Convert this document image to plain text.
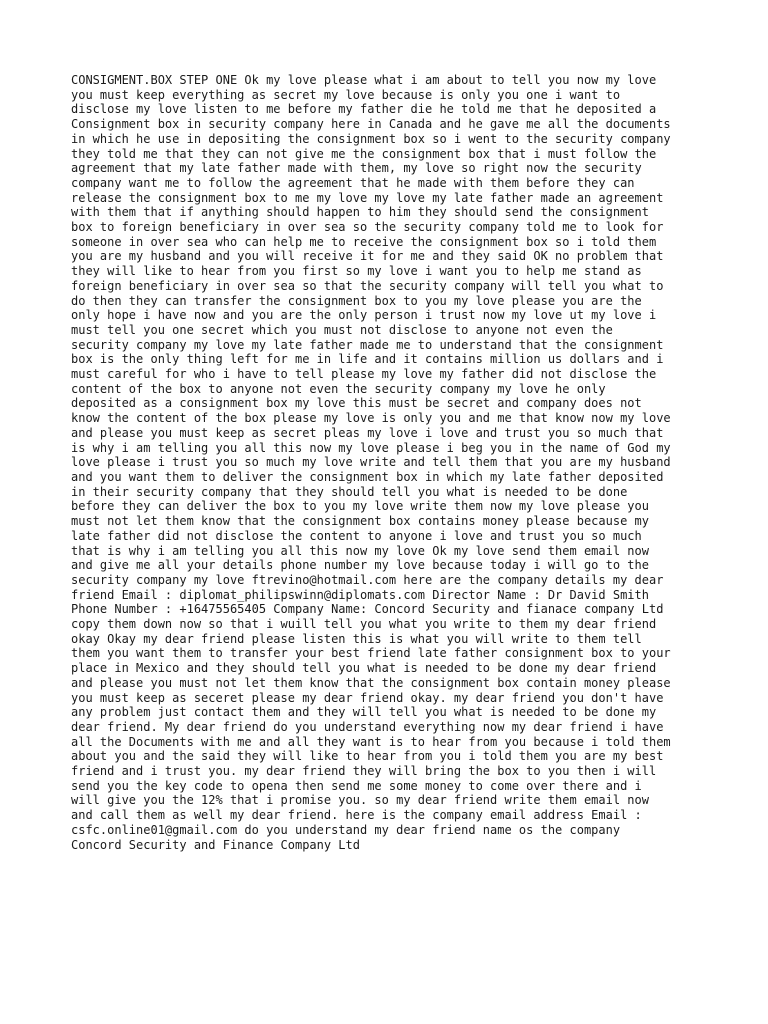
CONSIGMENT.BOX STEP ONE Ok my love please what i am about to tell you now my love
you must keep everything as secret my love because is only you one i want to
disclose my love listen to me before my father die he told me that he deposited a
Consignment box in security company here in Canada and he gave me all the documents
in which he use in depositing the consignment box so i went to the security company
they told me that they can not give me the consignment box that i must follow the
agreement that my late father made with them, my love so right now the security
company want me to follow the agreement that he made with them before they can
release the consignment box to me my love my love my late father made an agreement
with them that if anything should happen to him they should send the consignment
box to foreign beneficiary in over sea so the security company told me to look for
someone in over sea who can help me to receive the consignment box so i told them
you are my husband and you will receive it for me and they said OK no problem that
they will like to hear from you first so my love i want you to help me stand as
foreign beneficiary in over sea so that the security company will tell you what to
do then they can transfer the consignment box to you my love please you are the
only hope i have now and you are the only person i trust now my love ut my love i
must tell you one secret which you must not disclose to anyone not even the
security company my love my late father made me to understand that the consignment
box is the only thing left for me in life and it contains million us dollars and i
must careful for who i have to tell please my love my father did not disclose the
content of the box to anyone not even the security company my love he only
deposited as a consignment box my love this must be secret and company does not
know the content of the box please my love is only you and me that know now my love
and please you must keep as secret pleas my love i love and trust you so much that
is why i am telling you all this now my love please i beg you in the name of God my
love please i trust you so much my love write and tell them that you are my husband
and you want them to deliver the consignment box in which my late father deposited
in their security company that they should tell you what is needed to be done
before they can deliver the box to you my love write them now my love please you
must not let them know that the consignment box contains money please because my
late father did not disclose the content to anyone i love and trust you so much
that is why i am telling you all this now my love Ok my love send them email now
and give me all your details phone number my love because today i will go to the
security company my love ftrevino@hotmail.com here are the company details my dear
friend Email : diplomat_philipswinn@diplomats.com Director Name : Dr David Smith
Phone Number : +16475565405 Company Name: Concord Security and fianace company Ltd
copy them down now so that i wuill tell you what you write to them my dear friend
okay Okay my dear friend please listen this is what you will write to them tell
them you want them to transfer your best friend late father consignment box to your
place in Mexico and they should tell you what is needed to be done my dear friend
and please you must not let them know that the consignment box contain money please
you must keep as seceret please my dear friend okay. my dear friend you don't have
any problem just contact them and they will tell you what is needed to be done my
dear friend. My dear friend do you understand everything now my dear friend i have
all the Documents with me and all they want is to hear from you because i told them
about you and the said they will like to hear from you i told them you are my best
friend and i trust you. my dear friend they will bring the box to you then i will
send you the key code to opena then send me some money to come over there and i
will give you the 12% that i promise you. so my dear friend write them email now
and call them as well my dear friend. here is the company email address Email :
csfc.online01@gmail.com do you understand my dear friend name os the company
Concord Security and Finance Company Ltd
